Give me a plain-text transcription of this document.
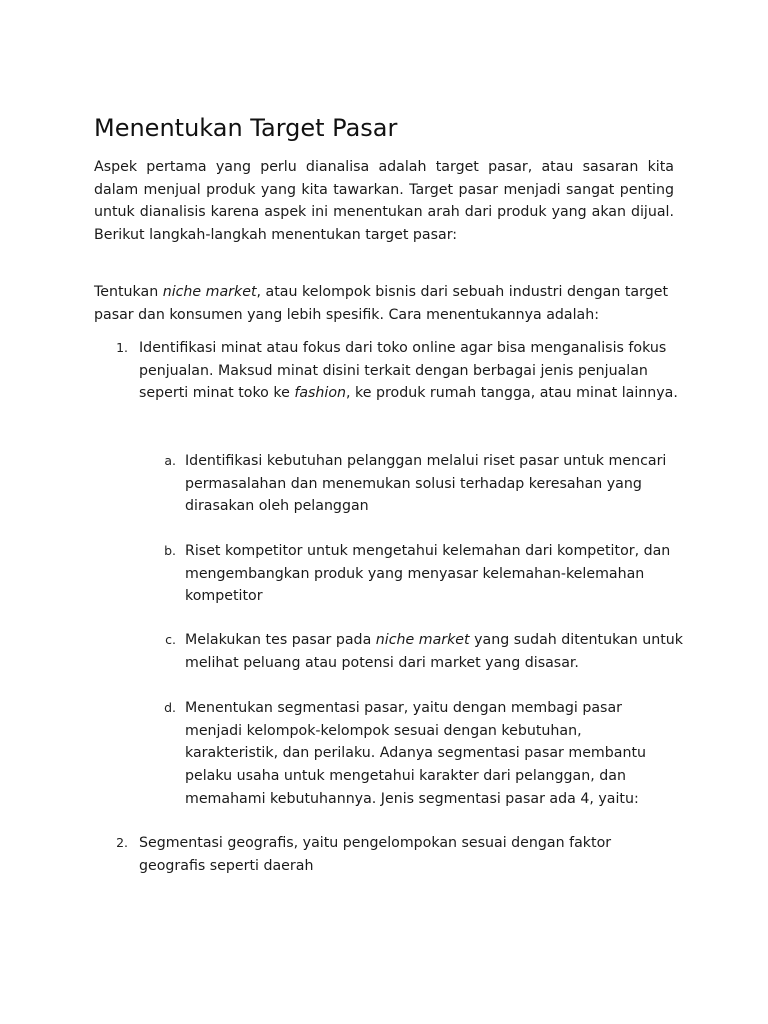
Menentukan Target Pasar

Aspek pertama yang perlu dianalisa adalah target pasar, atau sasaran kita dalam menjual produk yang kita tawarkan. Target pasar menjadi sangat penting untuk dianalisis karena aspek ini menentukan arah dari produk yang akan dijual. Berikut langkah-langkah menentukan target pasar:

Tentukan niche market, atau kelompok bisnis dari sebuah industri dengan target pasar dan konsumen yang lebih spesifik. Cara menentukannya adalah:

1. Identifikasi minat atau fokus dari toko online agar bisa menganalisis fokus penjualan. Maksud minat disini terkait dengan berbagai jenis penjualan seperti minat toko ke fashion, ke produk rumah tangga, atau minat lainnya.

a. Identifikasi kebutuhan pelanggan melalui riset pasar untuk mencari permasalahan dan menemukan solusi terhadap keresahan yang dirasakan oleh pelanggan

b. Riset kompetitor untuk mengetahui kelemahan dari kompetitor, dan mengembangkan produk yang menyasar kelemahan-kelemahan kompetitor

c. Melakukan tes pasar pada niche market yang sudah ditentukan untuk melihat peluang atau potensi dari market yang disasar.

d. Menentukan segmentasi pasar, yaitu dengan membagi pasar menjadi kelompok-kelompok sesuai dengan kebutuhan, karakteristik, dan perilaku. Adanya segmentasi pasar membantu pelaku usaha untuk mengetahui karakter dari pelanggan, dan memahami kebutuhannya. Jenis segmentasi pasar ada 4, yaitu:

2. Segmentasi geografis, yaitu pengelompokan sesuai dengan faktor geografis seperti daerah
